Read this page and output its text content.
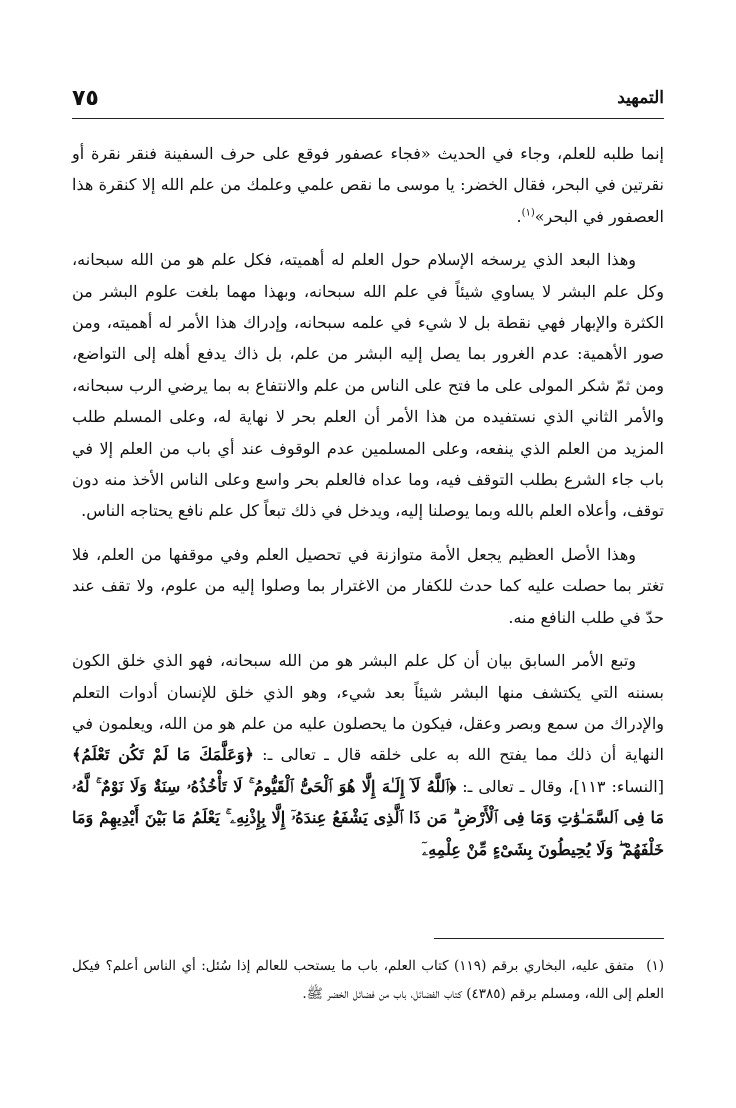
التمهيد
٧٥

إنما طلبه للعلم، وجاء في الحديث «فجاء عصفور فوقع على حرف السفينة فنقر نقرة أو نقرتين في البحر، فقال الخضر: يا موسى ما نقص علمي وعلمك من علم الله إلا كنقرة هذا العصفور في البحر»$^{(١)}$.

وهذا البعد الذي يرسخه الإسلام حول العلم له أهميته، فكل علم هو من الله سبحانه، وكل علم البشر لا يساوي شيئاً في علم الله سبحانه، وبهذا مهما بلغت علوم البشر من الكثرة والإبهار فهي نقطة بل لا شيء في علمه سبحانه، وإدراك هذا الأمر له أهميته، ومن صور الأهمية: عدم الغرور بما يصل إليه البشر من علم، بل ذاك يدفع أهله إلى التواضع، ومن ثمّ شكر المولى على ما فتح على الناس من علم والانتفاع به بما يرضي الرب سبحانه، والأمر الثاني الذي نستفيده من هذا الأمر أن العلم بحر لا نهاية له، وعلى المسلم طلب المزيد من العلم الذي ينفعه، وعلى المسلمين عدم الوقوف عند أي باب من العلم إلا في باب جاء الشرع بطلب التوقف فيه، وما عداه فالعلم بحر واسع وعلى الناس الأخذ منه دون توقف، وأعلاه العلم بالله وبما يوصلنا إليه، ويدخل في ذلك تبعاً كل علم نافع يحتاجه الناس.

وهذا الأصل العظيم يجعل الأمة متوازنة في تحصيل العلم وفي موقفها من العلم، فلا تغتر بما حصلت عليه كما حدث للكفار من الاغترار بما وصلوا إليه من علوم، ولا تقف عند حدّ في طلب النافع منه.

وتبع الأمر السابق بيان أن كل علم البشر هو من الله سبحانه، فهو الذي خلق الكون بسننه التي يكتشف منها البشر شيئاً بعد شيء، وهو الذي خلق للإنسان أدوات التعلم والإدراك من سمع وبصر وعقل، فيكون ما يحصلون عليه من علم هو من الله، ويعلمون في النهاية أن ذلك مما يفتح الله به على خلقه قال ـ تعالى ـ: ﴿وَعَلَّمَكَ مَا لَمْ تَكُن تَعْلَمُ﴾ [النساء: ١١٣]، وقال ـ تعالى ـ: ﴿ٱللَّهُ لَآ إِلَـٰهَ إِلَّا هُوَ ٱلْحَىُّ ٱلْقَيُّومُ ۚ لَا تَأْخُذُهُۥ سِنَةٌ وَلَا نَوْمٌ ۚ لَّهُۥ مَا فِى ٱلسَّمَـٰوَٰتِ وَمَا فِى ٱلْأَرْضِ ۗ مَن ذَا ٱلَّذِى يَشْفَعُ عِندَهُۥٓ إِلَّا بِإِذْنِهِۦ ۚ يَعْلَمُ مَا بَيْنَ أَيْدِيهِمْ وَمَا خَلْفَهُمْ ۖ وَلَا يُحِيطُونَ بِشَىْءٍ مِّنْ عِلْمِهِۦٓ

(١)متفق عليه، البخاري برقم (١١٩) كتاب العلم، باب ما يستحب للعالم إذا سُئل: أي الناس أعلم؟ فيكل العلم إلى الله، ومسلم برقم (٤٣٨٥) كتاب الفضائل، باب من فضائل الخضر ﷺ.
